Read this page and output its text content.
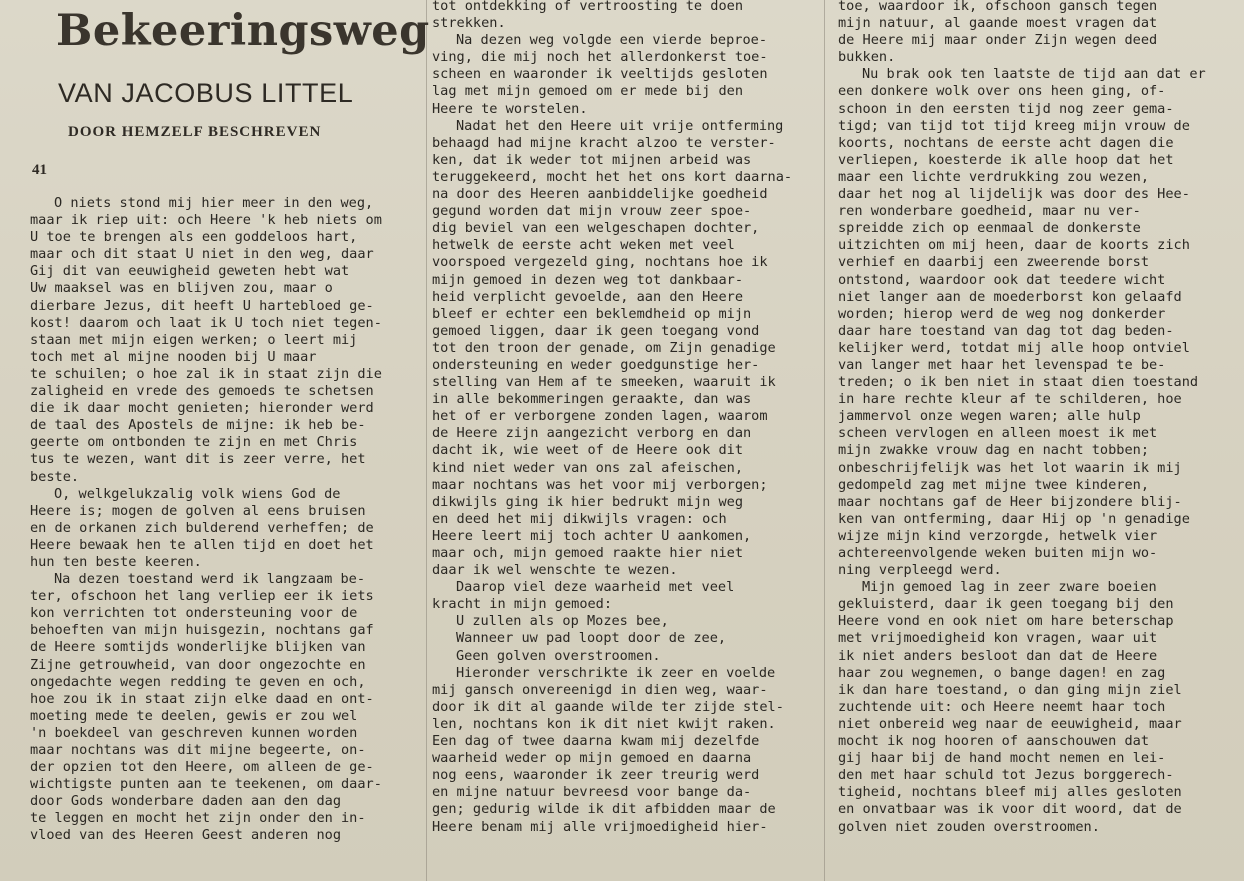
Bekeeringsweg
VAN JACOBUS LITTEL
DOOR HEMZELF BESCHREVEN
41
O niets stond mij hier meer in den weg,
maar ik riep uit: och Heere 'k heb niets om
U toe te brengen als een goddeloos hart,
maar och dit staat U niet in den weg, daar
Gij dit van eeuwigheid geweten hebt wat
Uw maaksel was en blijven zou, maar o
dierbare Jezus, dit heeft U hartebloed ge-
kost! daarom och laat ik U toch niet tegen-
staan met mijn eigen werken; o leert mij
toch met al mijne nooden bij U maar
te schuilen; o hoe zal ik in staat zijn die
zaligheid en vrede des gemoeds te schetsen
die ik daar mocht genieten; hieronder werd
de taal des Apostels de mijne: ik heb be-
geerte om ontbonden te zijn en met Chris
tus te wezen, want dit is zeer verre, het
beste.
O, welkgelukzalig volk wiens God de
Heere is; mogen de golven al eens bruisen
en de orkanen zich bulderend verheffen; de
Heere bewaak hen te allen tijd en doet het
hun ten beste keeren.
Na dezen toestand werd ik langzaam be-
ter, ofschoon het lang verliep eer ik iets
kon verrichten tot ondersteuning voor de
behoeften van mijn huisgezin, nochtans gaf
de Heere somtijds wonderlijke blijken van
Zijne getrouwheid, van door ongezochte en
ongedachte wegen redding te geven en och,
hoe zou ik in staat zijn elke daad en ont-
moeting mede te deelen, gewis er zou wel
'n boekdeel van geschreven kunnen worden
maar nochtans was dit mijne begeerte, on-
der opzien tot den Heere, om alleen de ge-
wichtigste punten aan te teekenen, om daar-
door Gods wonderbare daden aan den dag
te leggen en mocht het zijn onder den in-
vloed van des Heeren Geest anderen nog
tot ontdekking of vertroosting te doen
strekken.
Na dezen weg volgde een vierde beproe-
ving, die mij noch het allerdonkerst toe-
scheen en waaronder ik veeltijds gesloten
lag met mijn gemoed om er mede bij den
Heere te worstelen.
Nadat het den Heere uit vrije ontferming
behaagd had mijne kracht alzoo te verster-
ken, dat ik weder tot mijnen arbeid was
teruggekeerd, mocht het het ons kort daarna-
na door des Heeren aanbiddelijke goedheid
gegund worden dat mijn vrouw zeer spoe-
dig beviel van een welgeschapen dochter,
hetwelk de eerste acht weken met veel
voorspoed vergezeld ging, nochtans hoe ik
mijn gemoed in dezen weg tot dankbaar-
heid verplicht gevoelde, aan den Heere
bleef er echter een beklemdheid op mijn
gemoed liggen, daar ik geen toegang vond
tot den troon der genade, om Zijn genadige
ondersteuning en weder goedgunstige her-
stelling van Hem af te smeeken, waaruit ik
in alle bekommeringen geraakte, dan was
het of er verborgene zonden lagen, waarom
de Heere zijn aangezicht verborg en dan
dacht ik, wie weet of de Heere ook dit
kind niet weder van ons zal afeischen,
maar nochtans was het voor mij verborgen;
dikwijls ging ik hier bedrukt mijn weg
en deed het mij dikwijls vragen: och
Heere leert mij toch achter U aankomen,
maar och, mijn gemoed raakte hier niet
daar ik wel wenschte te wezen.
Daarop viel deze waarheid met veel
kracht in mijn gemoed:
U zullen als op Mozes bee,
Wanneer uw pad loopt door de zee,
Geen golven overstroomen.
Hieronder verschrikte ik zeer en voelde
mij gansch onvereenigd in dien weg, waar-
door ik dit al gaande wilde ter zijde stel-
len, nochtans kon ik dit niet kwijt raken.
Een dag of twee daarna kwam mij dezelfde
waarheid weder op mijn gemoed en daarna
nog eens, waaronder ik zeer treurig werd
en mijne natuur bevreesd voor bange da-
gen; gedurig wilde ik dit afbidden maar de
Heere benam mij alle vrijmoedigheid hier-
toe, waardoor ik, ofschoon gansch tegen
mijn natuur, al gaande moest vragen dat
de Heere mij maar onder Zijn wegen deed
bukken.
Nu brak ook ten laatste de tijd aan dat er
een donkere wolk over ons heen ging, of-
schoon in den eersten tijd nog zeer gema-
tigd; van tijd tot tijd kreeg mijn vrouw de
koorts, nochtans de eerste acht dagen die
verliepen, koesterde ik alle hoop dat het
maar een lichte verdrukking zou wezen,
daar het nog al lijdelijk was door des Hee-
ren wonderbare goedheid, maar nu ver-
spreidde zich op eenmaal de donkerste
uitzichten om mij heen, daar de koorts zich
verhief en daarbij een zweerende borst
ontstond, waardoor ook dat teedere wicht
niet langer aan de moederborst kon gelaafd
worden; hierop werd de weg nog donkerder
daar hare toestand van dag tot dag beden-
kelijker werd, totdat mij alle hoop ontviel
van langer met haar het levenspad te be-
treden; o ik ben niet in staat dien toestand
in hare rechte kleur af te schilderen, hoe
jammervol onze wegen waren; alle hulp
scheen vervlogen en alleen moest ik met
mijn zwakke vrouw dag en nacht tobben;
onbeschrijfelijk was het lot waarin ik mij
gedompeld zag met mijne twee kinderen,
maar nochtans gaf de Heer bijzondere blij-
ken van ontferming, daar Hij op 'n genadige
wijze mijn kind verzorgde, hetwelk vier
achtereenvolgende weken buiten mijn wo-
ning verpleegd werd.
Mijn gemoed lag in zeer zware boeien
gekluisterd, daar ik geen toegang bij den
Heere vond en ook niet om hare beterschap
met vrijmoedigheid kon vragen, waar uit
ik niet anders besloot dan dat de Heere
haar zou wegnemen, o bange dagen! en zag
ik dan hare toestand, o dan ging mijn ziel
zuchtende uit: och Heere neemt haar toch
niet onbereid weg naar de eeuwigheid, maar
mocht ik nog hooren of aanschouwen dat
gij haar bij de hand mocht nemen en lei-
den met haar schuld tot Jezus borggerech-
tigheid, nochtans bleef mij alles gesloten
en onvatbaar was ik voor dit woord, dat de
golven niet zouden overstroomen.
